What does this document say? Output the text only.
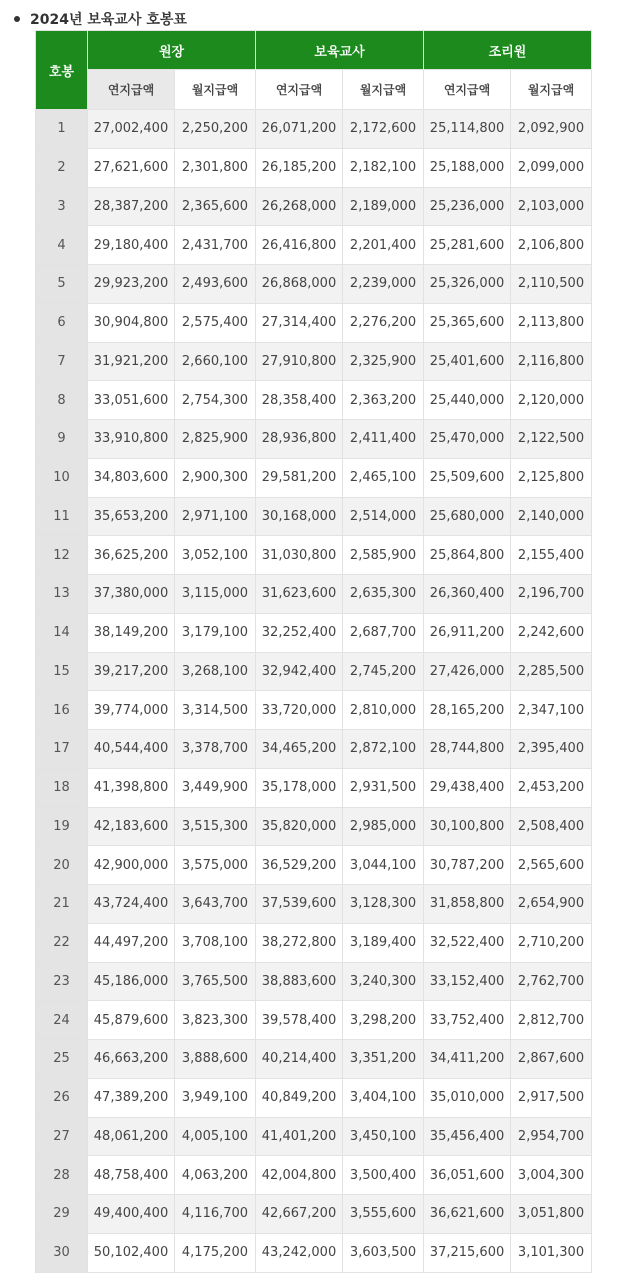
2024년 보육교사 호봉표
호봉	원장		보육교사		조리원	
	연지급액	월지급액	연지급액	월지급액	연지급액	월지급액
1	27,002,400	2,250,200	26,071,200	2,172,600	25,114,800	2,092,900
2	27,621,600	2,301,800	26,185,200	2,182,100	25,188,000	2,099,000
3	28,387,200	2,365,600	26,268,000	2,189,000	25,236,000	2,103,000
4	29,180,400	2,431,700	26,416,800	2,201,400	25,281,600	2,106,800
5	29,923,200	2,493,600	26,868,000	2,239,000	25,326,000	2,110,500
6	30,904,800	2,575,400	27,314,400	2,276,200	25,365,600	2,113,800
7	31,921,200	2,660,100	27,910,800	2,325,900	25,401,600	2,116,800
8	33,051,600	2,754,300	28,358,400	2,363,200	25,440,000	2,120,000
9	33,910,800	2,825,900	28,936,800	2,411,400	25,470,000	2,122,500
10	34,803,600	2,900,300	29,581,200	2,465,100	25,509,600	2,125,800
11	35,653,200	2,971,100	30,168,000	2,514,000	25,680,000	2,140,000
12	36,625,200	3,052,100	31,030,800	2,585,900	25,864,800	2,155,400
13	37,380,000	3,115,000	31,623,600	2,635,300	26,360,400	2,196,700
14	38,149,200	3,179,100	32,252,400	2,687,700	26,911,200	2,242,600
15	39,217,200	3,268,100	32,942,400	2,745,200	27,426,000	2,285,500
16	39,774,000	3,314,500	33,720,000	2,810,000	28,165,200	2,347,100
17	40,544,400	3,378,700	34,465,200	2,872,100	28,744,800	2,395,400
18	41,398,800	3,449,900	35,178,000	2,931,500	29,438,400	2,453,200
19	42,183,600	3,515,300	35,820,000	2,985,000	30,100,800	2,508,400
20	42,900,000	3,575,000	36,529,200	3,044,100	30,787,200	2,565,600
21	43,724,400	3,643,700	37,539,600	3,128,300	31,858,800	2,654,900
22	44,497,200	3,708,100	38,272,800	3,189,400	32,522,400	2,710,200
23	45,186,000	3,765,500	38,883,600	3,240,300	33,152,400	2,762,700
24	45,879,600	3,823,300	39,578,400	3,298,200	33,752,400	2,812,700
25	46,663,200	3,888,600	40,214,400	3,351,200	34,411,200	2,867,600
26	47,389,200	3,949,100	40,849,200	3,404,100	35,010,000	2,917,500
27	48,061,200	4,005,100	41,401,200	3,450,100	35,456,400	2,954,700
28	48,758,400	4,063,200	42,004,800	3,500,400	36,051,600	3,004,300
29	49,400,400	4,116,700	42,667,200	3,555,600	36,621,600	3,051,800
30	50,102,400	4,175,200	43,242,000	3,603,500	37,215,600	3,101,300
